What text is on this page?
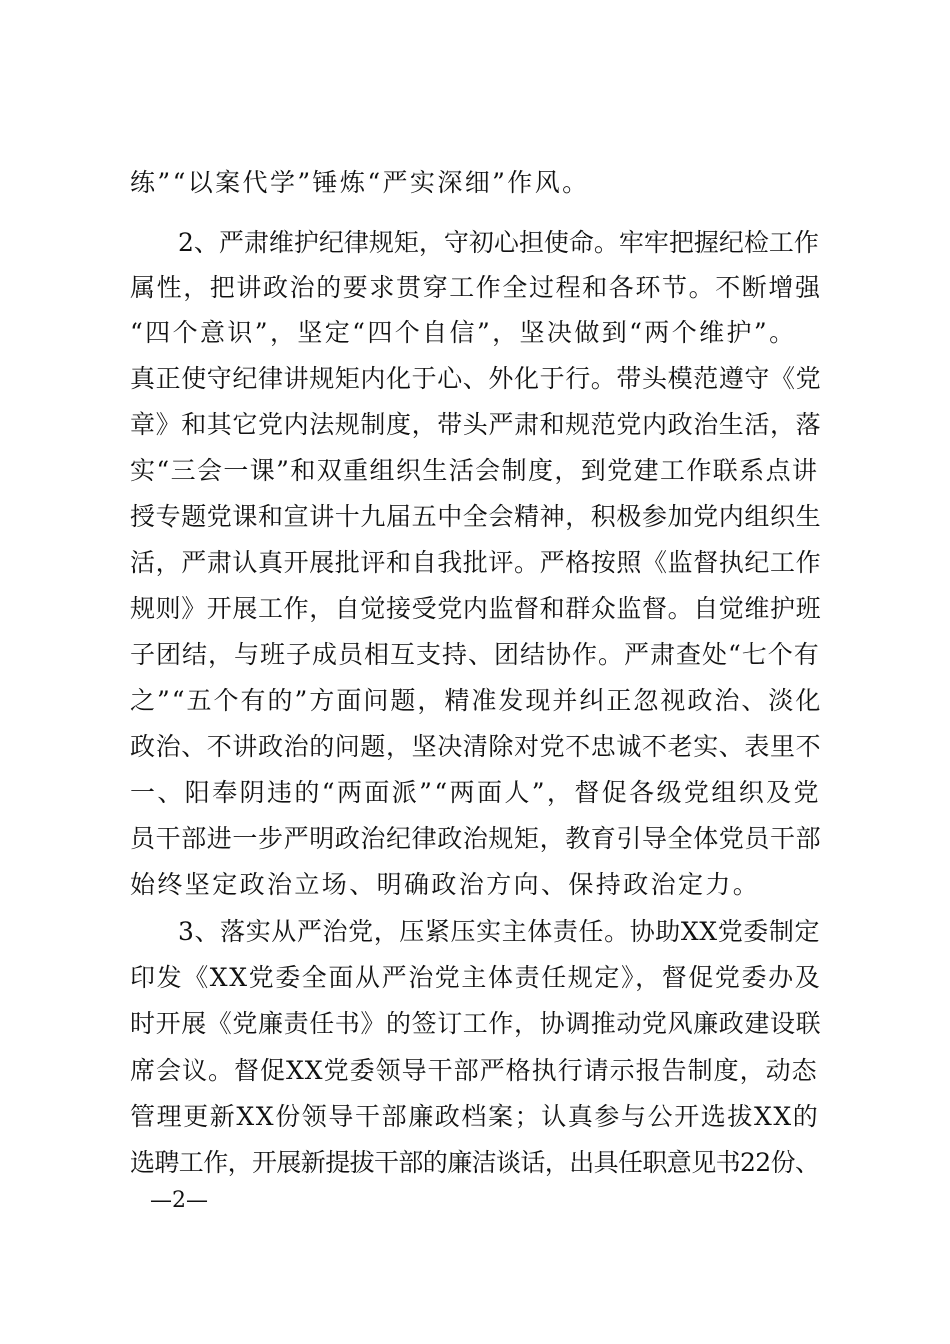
练”“以案代学”锤炼“严实深细”作风。
2、严肃维护纪律规矩，守初心担使命。牢牢把握纪检工作
属性，把讲政治的要求贯穿工作全过程和各环节。不断增强
“四个意识”，坚定“四个自信”，坚决做到“两个维护”。
真正使守纪律讲规矩内化于心、外化于行。带头模范遵守《党
章》和其它党内法规制度，带头严肃和规范党内政治生活，落
实“三会一课”和双重组织生活会制度，到党建工作联系点讲
授专题党课和宣讲十九届五中全会精神，积极参加党内组织生
活，严肃认真开展批评和自我批评。严格按照《监督执纪工作
规则》开展工作，自觉接受党内监督和群众监督。自觉维护班
子团结，与班子成员相互支持、团结协作。严肃查处“七个有
之”“五个有的”方面问题，精准发现并纠正忽视政治、淡化
政治、不讲政治的问题，坚决清除对党不忠诚不老实、表里不
一、阳奉阴违的“两面派”“两面人”，督促各级党组织及党
员干部进一步严明政治纪律政治规矩，教育引导全体党员干部
始终坚定政治立场、明确政治方向、保持政治定力。
3、落实从严治党，压紧压实主体责任。协助XX党委制定
印发《XX党委全面从严治党主体责任规定》，督促党委办及
时开展《党廉责任书》的签订工作，协调推动党风廉政建设联
席会议。督促XX党委领导干部严格执行请示报告制度，动态
管理更新XX份领导干部廉政档案；认真参与公开选拔XX的
选聘工作，开展新提拔干部的廉洁谈话，出具任职意见书22份、
—2—
